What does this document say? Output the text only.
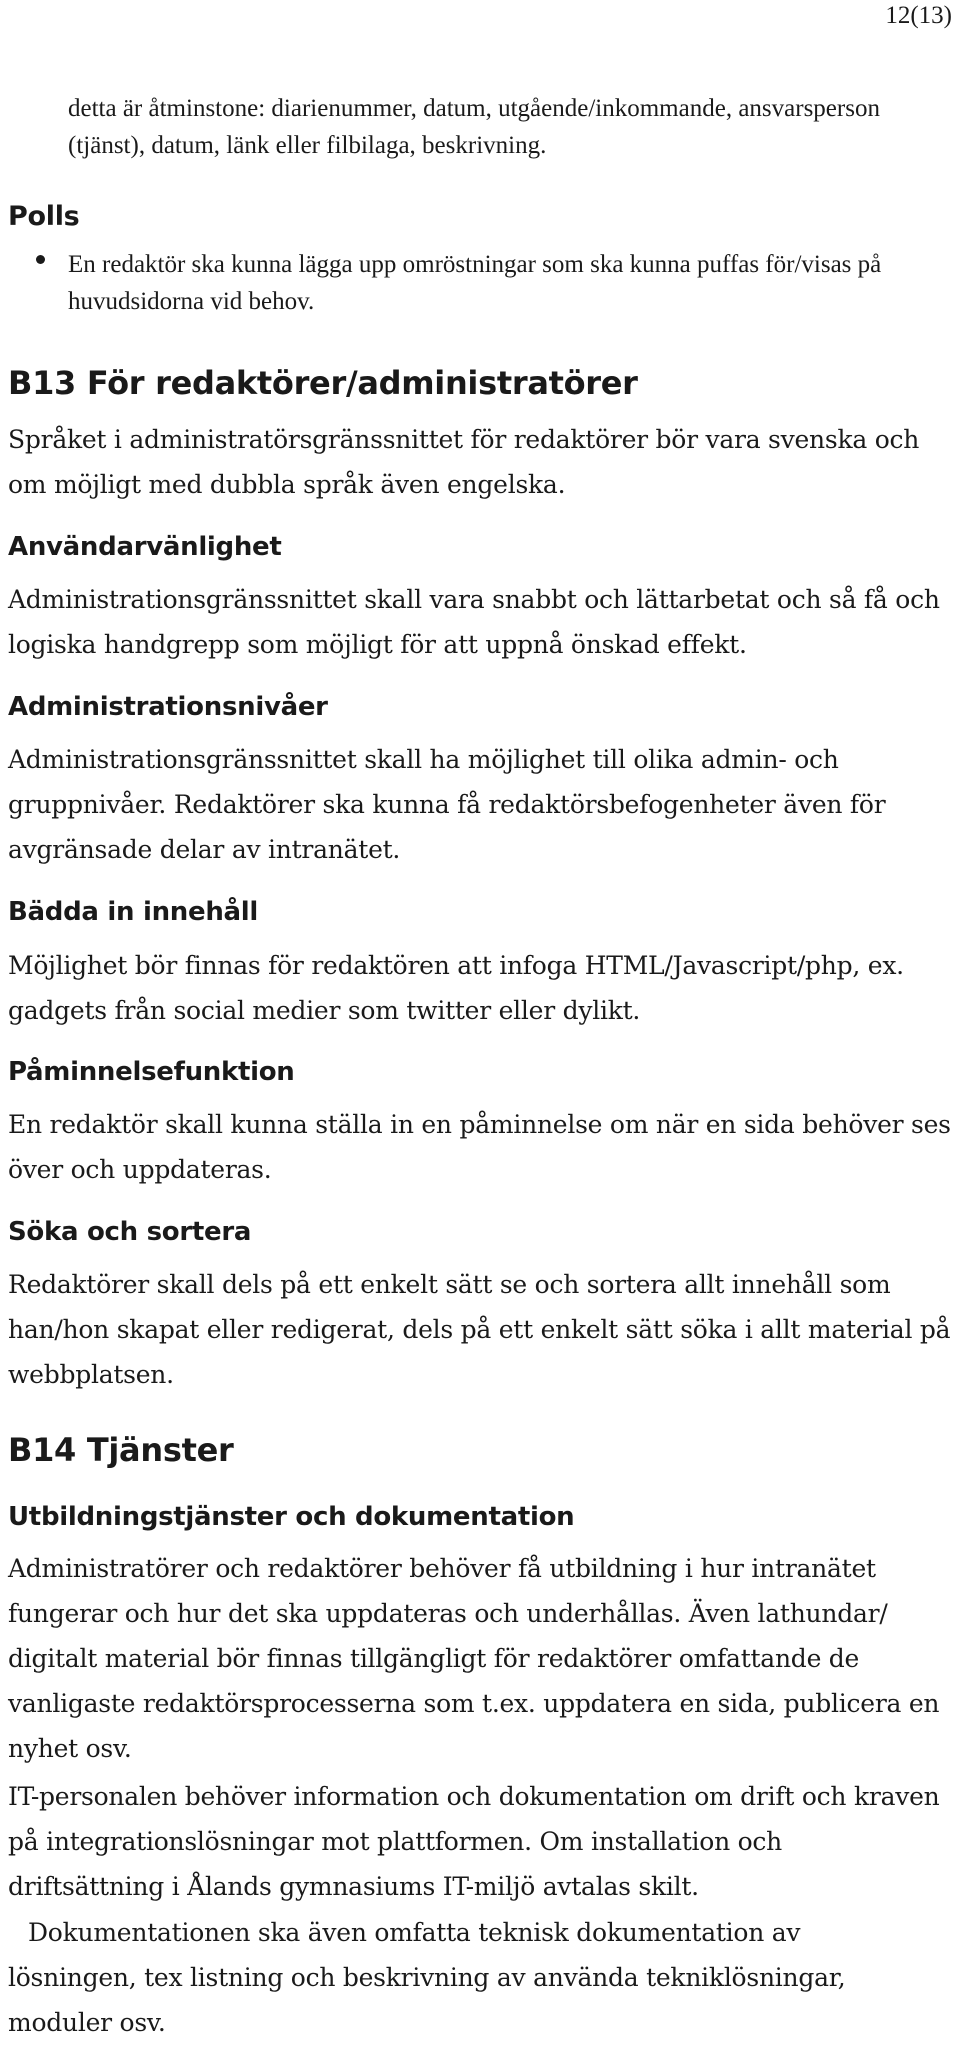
12(13)

detta är åtminstone: diarienummer, datum, utgående/inkommande, ansvarsperson (tjänst), datum, länk eller filbilaga, beskrivning.

Polls

En redaktör ska kunna lägga upp omröstningar som ska kunna puffas för/visas på huvudsidorna vid behov.

B13 För redaktörer/administratörer

Språket i administratörsgränssnittet för redaktörer bör vara svenska och om möjligt med dubbla språk även engelska.

Användarvänlighet

Administrationsgränssnittet skall vara snabbt och lättarbetat och så få och logiska handgrepp som möjligt för att uppnå önskad effekt.

Administrationsnivåer

Administrationsgränssnittet skall ha möjlighet till olika admin- och gruppnivåer. Redaktörer ska kunna få redaktörsbefogenheter även för avgränsade delar av intranätet.

Bädda in innehåll

Möjlighet bör finnas för redaktören att infoga HTML/Javascript/php, ex. gadgets från social medier som twitter eller dylikt.

Påminnelsefunktion

En redaktör skall kunna ställa in en påminnelse om när en sida behöver ses över och uppdateras.

Söka och sortera

Redaktörer skall dels på ett enkelt sätt se och sortera allt innehåll som han/hon skapat eller redigerat, dels på ett enkelt sätt söka i allt material på webbplatsen.

B14 Tjänster
Utbildningstjänster och dokumentation

Administratörer och redaktörer behöver få utbildning i hur intranätet fungerar och hur det ska uppdateras och underhållas. Även lathundar/ digitalt material bör finnas tillgängligt för redaktörer omfattande de vanligaste redaktörsprocesserna som t.ex. uppdatera en sida, publicera en nyhet osv.

IT-personalen behöver information och dokumentation om drift och kraven på integrationslösningar mot plattformen. Om installation och driftsättning i Ålands gymnasiums IT-miljö avtalas skilt.

Dokumentationen ska även omfatta teknisk dokumentation av lösningen, tex listning och beskrivning av använda tekniklösningar, moduler osv.
